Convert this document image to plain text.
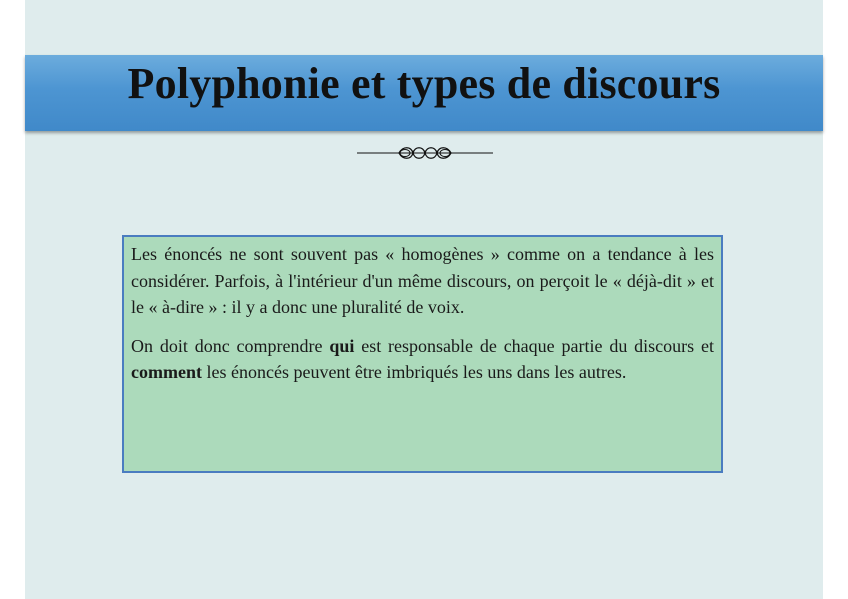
Polyphonie et types de discours

Les énoncés ne sont souvent pas « homogènes » comme on a tendance à les considérer. Parfois, à l'intérieur d'un même discours, on perçoit le « déjà-dit » et le « à-dire » : il y a donc une pluralité de voix.

On doit donc comprendre qui est responsable de chaque partie du discours et comment les énoncés peuvent être imbriqués les uns dans les autres.
